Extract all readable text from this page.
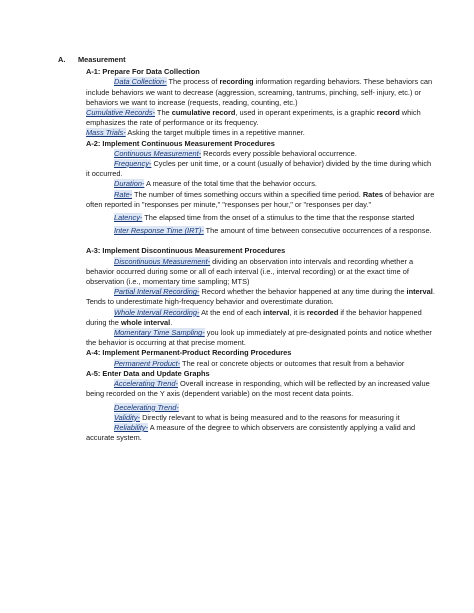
A. Measurement
A-1: Prepare For Data Collection
Data Collection- The process of recording information regarding behaviors. These behaviors can include behaviors we want to decrease (aggression, screaming, tantrums, pinching, self- injury, etc.) or behaviors we want to increase (requests, reading, counting, etc.)
Cumulative Records- The cumulative record, used in operant experiments, is a graphic record which emphasizes the rate of performance or its frequency.
Mass Trials- Asking the target multiple times in a repetitive manner.
A-2: Implement Continuous Measurement Procedures
Continuous Measurement- Records every possible behavioral occurrence.
Frequency- Cycles per unit time, or a count (usually of behavior) divided by the time during which it occurred.
Duration- A measure of the total time that the behavior occurs.
Rate- The number of times something occurs within a specified time period. Rates of behavior are often reported in "responses per minute," "responses per hour," or "responses per day."
Latency- The elapsed time from the onset of a stimulus to the time that the response started
Inter Response Time (IRT)- The amount of time between consecutive occurrences of a response.
A-3: Implement Discontinuous Measurement Procedures
Discontinuous Measurement- dividing an observation into intervals and recording whether a behavior occurred during some or all of each interval (i.e., interval recording) or at the exact time of observation (i.e., momentary time sampling; MTS)
Partial Interval Recording- Record whether the behavior happened at any time during the interval. Tends to underestimate high-frequency behavior and overestimate duration.
Whole Interval Recording- At the end of each interval, it is recorded if the behavior happened during the whole interval.
Momentary Time Sampling- you look up immediately at pre-designated points and notice whether the behavior is occurring at that precise moment.
A-4: Implement Permanent-Product Recording Procedures
Permanent Product- The real or concrete objects or outcomes that result from a behavior
A-5: Enter Data and Update Graphs
Accelerating Trend- Overall increase in responding, which will be reflected by an increased value being recorded on the Y axis (dependent variable) on the most recent data points.
Decelerating Trend-
Validity- Directly relevant to what is being measured and to the reasons for measuring it
Reliability- A measure of the degree to which observers are consistently applying a valid and accurate system.
